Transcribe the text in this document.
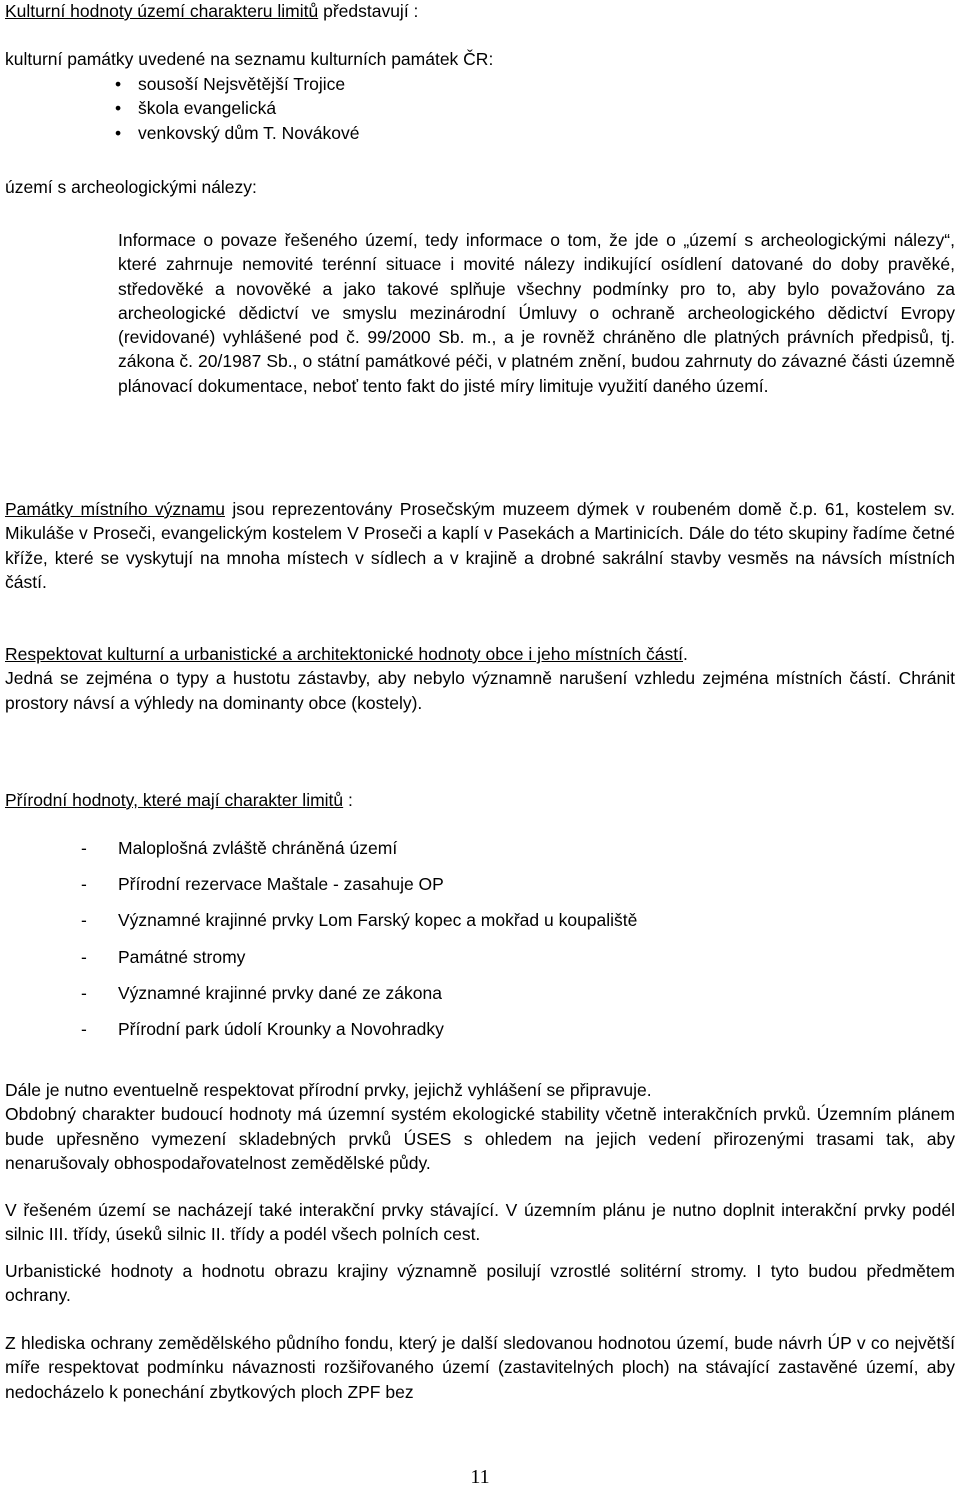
Kulturní hodnoty území charakteru limitů představují :
kulturní památky uvedené na seznamu kulturních památek ČR:
• sousoší Nejsvětější Trojice
• škola evangelická
• venkovský dům T. Novákové
území s archeologickými nálezy:
Informace o povaze řešeného území, tedy informace o tom, že jde o „území s archeologickými nálezy“, které zahrnuje nemovité terénní situace i movité nálezy indikující osídlení datované do doby pravěké, středověké a novověké a jako takové splňuje všechny podmínky pro to, aby bylo považováno za archeologické dědictví ve smyslu mezinárodní Úmluvy o ochraně archeologického dědictví Evropy (revidované) vyhlášené pod č. 99/2000 Sb. m., a je rovněž chráněno dle platných právních předpisů, tj. zákona č. 20/1987 Sb., o státní památkové péči, v platném znění, budou zahrnuty do závazné části územně plánovací dokumentace, neboť tento fakt do jisté míry limituje využití daného území.
Památky místního významu jsou reprezentovány Prosečským muzeem dýmek v roubeném domě č.p. 61, kostelem sv. Mikuláše v Proseči, evangelickým kostelem V Proseči a kaplí v Pasekách a Martinicích. Dále do této skupiny řadíme četné kříže, které se vyskytují na mnoha místech v sídlech a v krajině a drobné sakrální stavby vesměs na návsích místních částí.
Respektovat kulturní a urbanistické a architektonické hodnoty obce i jeho místních částí.
Jedná se zejména o typy a hustotu zástavby, aby nebylo významně narušení vzhledu zejména místních částí. Chránit prostory návsí a výhledy na dominanty obce (kostely).
Přírodní hodnoty, které mají charakter limitů :
- Maloplošná zvláště chráněná území
- Přírodní rezervace Maštale - zasahuje OP
- Významné krajinné prvky Lom Farský kopec a mokřad u koupaliště
- Památné stromy
- Významné krajinné prvky dané ze zákona
- Přírodní park údolí Krounky a Novohradky
Dále je nutno eventuelně respektovat přírodní prvky, jejichž vyhlášení se připravuje.
Obdobný charakter budoucí hodnoty má územní systém ekologické stability včetně interakčních prvků. Územním plánem bude upřesněno vymezení skladebných prvků ÚSES s ohledem na jejich vedení přirozenými trasami tak, aby nenarušovaly obhospodařovatelnost zemědělské půdy.
V řešeném území se nacházejí také interakční prvky stávající. V územním plánu je nutno doplnit interakční prvky podél silnic III. třídy, úseků silnic II. třídy a podél všech polních cest.
Urbanistické hodnoty a hodnotu obrazu krajiny významně posilují vzrostlé solitérní stromy. I tyto budou předmětem ochrany.
Z hlediska ochrany zemědělského půdního fondu, který je další sledovanou hodnotou území, bude návrh ÚP v co největší míře respektovat podmínku návaznosti rozšiřovaného území (zastavitelných ploch) na stávající zastavěné území, aby nedocházelo k ponechání zbytkových ploch ZPF bez
11
